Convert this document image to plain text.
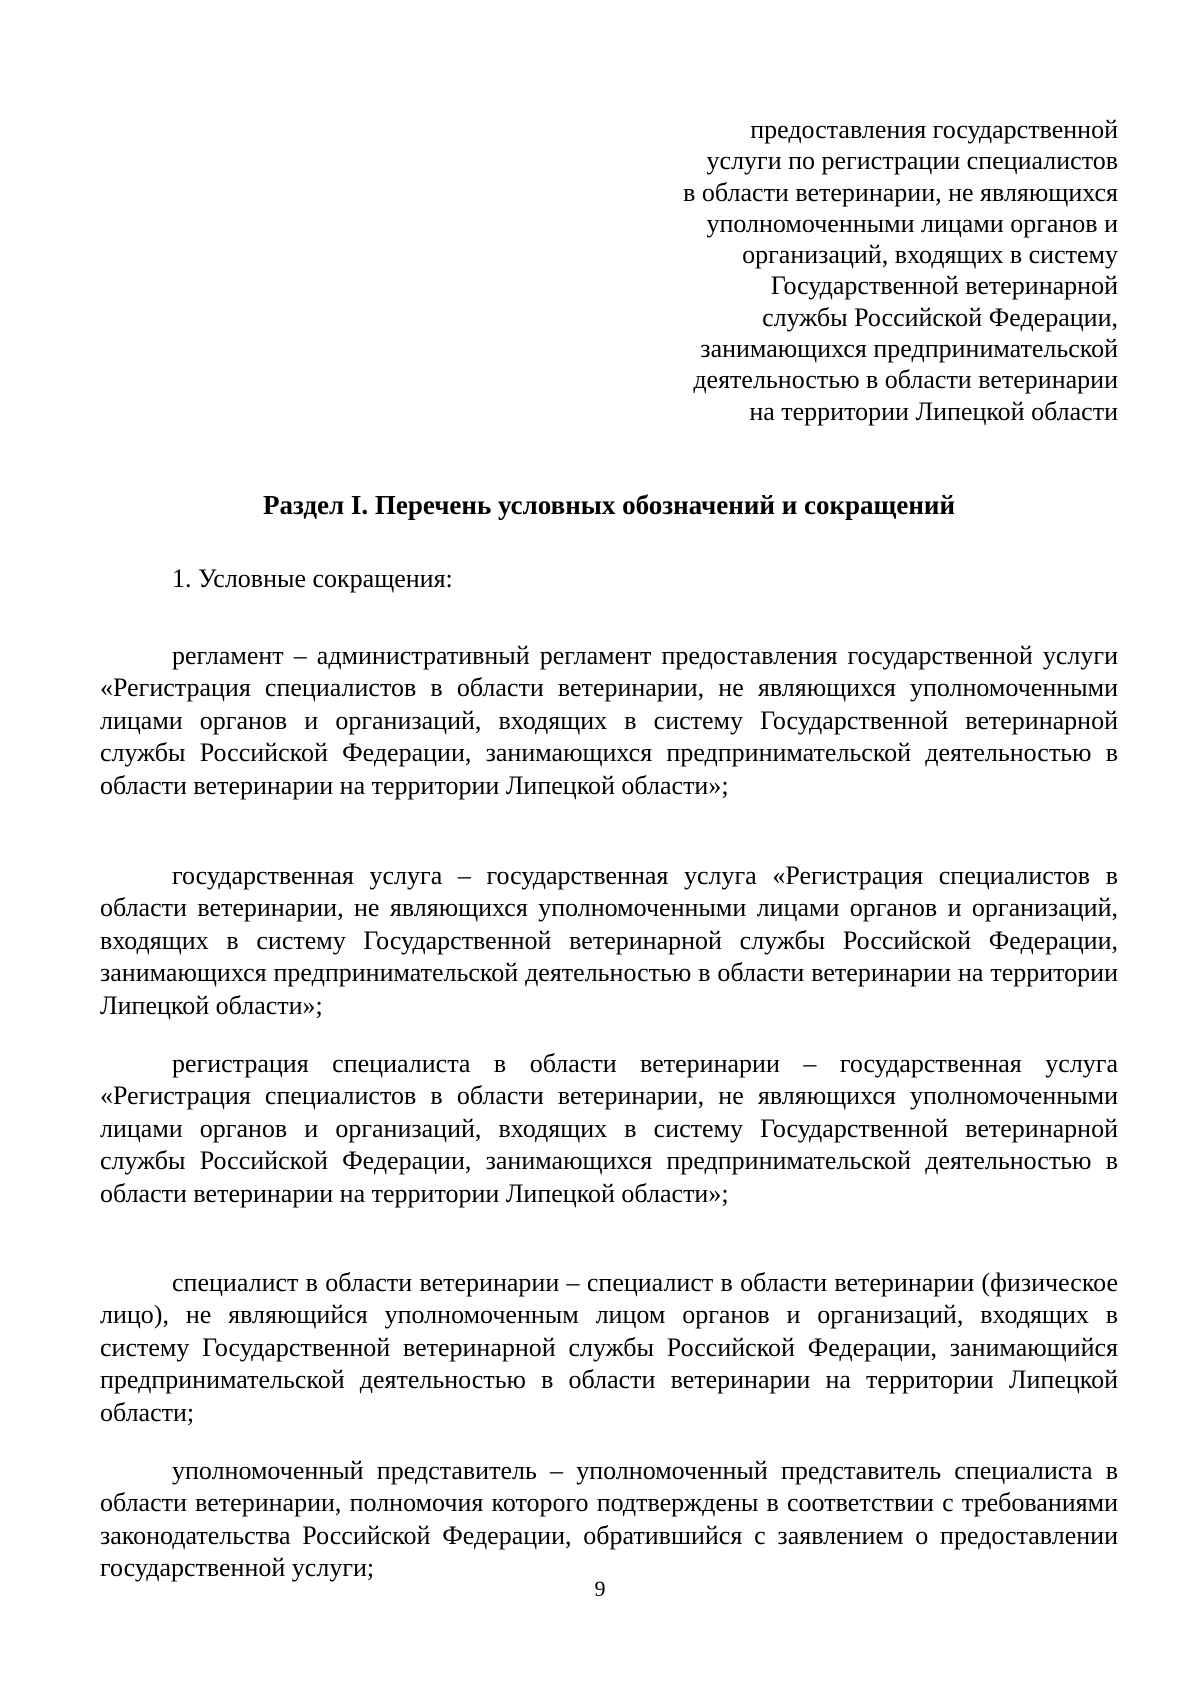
предоставления государственной
услуги по регистрации специалистов
в области ветеринарии, не являющихся
уполномоченными лицами органов и
организаций, входящих в систему
Государственной ветеринарной
службы Российской Федерации,
занимающихся предпринимательской
деятельностью в области ветеринарии
на территории Липецкой области
Раздел I. Перечень условных обозначений и сокращений
1. Условные сокращения:

регламент – административный регламент предоставления государственной услуги «Регистрация специалистов в области ветеринарии, не являющихся уполномоченными лицами органов и организаций, входящих в систему Государственной ветеринарной службы Российской Федерации, занимающихся предпринимательской деятельностью в области ветеринарии на территории Липецкой области»;

государственная услуга – государственная услуга «Регистрация специалистов в области ветеринарии, не являющихся уполномоченными лицами органов и организаций, входящих в систему Государственной ветеринарной службы Российской Федерации, занимающихся предпринимательской деятельностью в области ветеринарии на территории Липецкой области»;

регистрация специалиста в области ветеринарии – государственная услуга «Регистрация специалистов в области ветеринарии, не являющихся уполномоченными лицами органов и организаций, входящих в систему Государственной ветеринарной службы Российской Федерации, занимающихся предпринимательской деятельностью в области ветеринарии на территории Липецкой области»;

специалист в области ветеринарии – специалист в области ветеринарии (физическое лицо), не являющийся уполномоченным лицом органов и организаций, входящих в систему Государственной ветеринарной службы Российской Федерации, занимающийся предпринимательской деятельностью в области ветеринарии на территории Липецкой области;

уполномоченный представитель – уполномоченный представитель специалиста в области ветеринарии, полномочия которого подтверждены в соответствии с требованиями законодательства Российской Федерации, обратившийся с заявлением о предоставлении государственной услуги;

9
